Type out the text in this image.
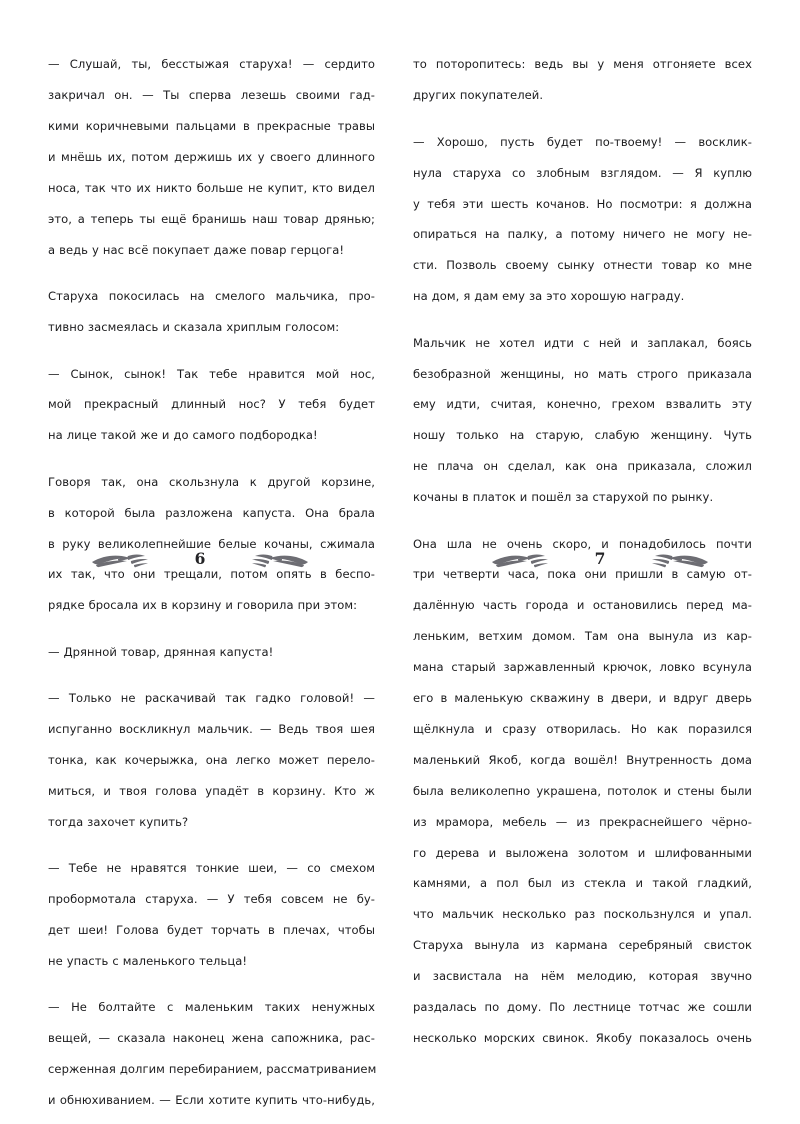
— Слушай, ты, бесстыжая старуха! — сердито

закричал он. — Ты сперва лезешь своими гад-

кими коричневыми пальцами в прекрасные травы

и мнёшь их, потом держишь их у своего длинного

носа, так что их никто больше не купит, кто видел

это, а теперь ты ещё бранишь наш товар дрянью;

а ведь у нас всё покупает даже повар герцога!

Старуха покосилась на смелого мальчика, про-

тивно засмеялась и сказала хриплым голосом:

— Сынок, сынок! Так тебе нравится мой нос,

мой прекрасный длинный нос? У тебя будет

на лице такой же и до самого подбородка!

Говоря так, она скользнула к другой корзине,

в которой была разложена капуста. Она брала

в руку великолепнейшие белые кочаны, сжимала

их так, что они трещали, потом опять в беспо-

рядке бросала их в корзину и говорила при этом:

— Дрянной товар, дрянная капуста!

— Только не раскачивай так гадко головой! —

испуганно воскликнул мальчик. — Ведь твоя шея

тонка, как кочерыжка, она легко может перело-

миться, и твоя голова упадёт в корзину. Кто ж

тогда захочет купить?

— Тебе не нравятся тонкие шеи, — со смехом

пробормотала старуха. — У тебя совсем не бу-

дет шеи! Голова будет торчать в плечах, чтобы

не упасть с маленького тельца!

— Не болтайте с маленьким таких ненужных

вещей, — сказала наконец жена сапожника, рас-

серженная долгим перебиранием, рассматриванием

и обнюхиванием. — Если хотите купить что-нибудь,

6

то поторопитесь: ведь вы у меня отгоняете всех

других покупателей.

— Хорошо, пусть будет по-твоему! — восклик-

нула старуха со злобным взглядом. — Я куплю

у тебя эти шесть кочанов. Но посмотри: я должна

опираться на палку, а потому ничего не могу не-

сти. Позволь своему сынку отнести товар ко мне

на дом, я дам ему за это хорошую награду.

Мальчик не хотел идти с ней и заплакал, боясь

безобразной женщины, но мать строго приказала

ему идти, считая, конечно, грехом взвалить эту

ношу только на старую, слабую женщину. Чуть

не плача он сделал, как она приказала, сложил

кочаны в платок и пошёл за старухой по рынку.

Она шла не очень скоро, и понадобилось почти

три четверти часа, пока они пришли в самую от-

далённую часть города и остановились перед ма-

леньким, ветхим домом. Там она вынула из кар-

мана старый заржавленный крючок, ловко всунула

его в маленькую скважину в двери, и вдруг дверь

щёлкнула и сразу отворилась. Но как поразился

маленький Якоб, когда вошёл! Внутренность дома

была великолепно украшена, потолок и стены были

из мрамора, мебель — из прекраснейшего чёрно-

го дерева и выложена золотом и шлифованными

камнями, а пол был из стекла и такой гладкий,

что мальчик несколько раз поскользнулся и упал.

Старуха вынула из кармана серебряный свисток

и засвистала на нём мелодию, которая звучно

раздалась по дому. По лестнице тотчас же сошли

несколько морских свинок. Якобу показалось очень

7
